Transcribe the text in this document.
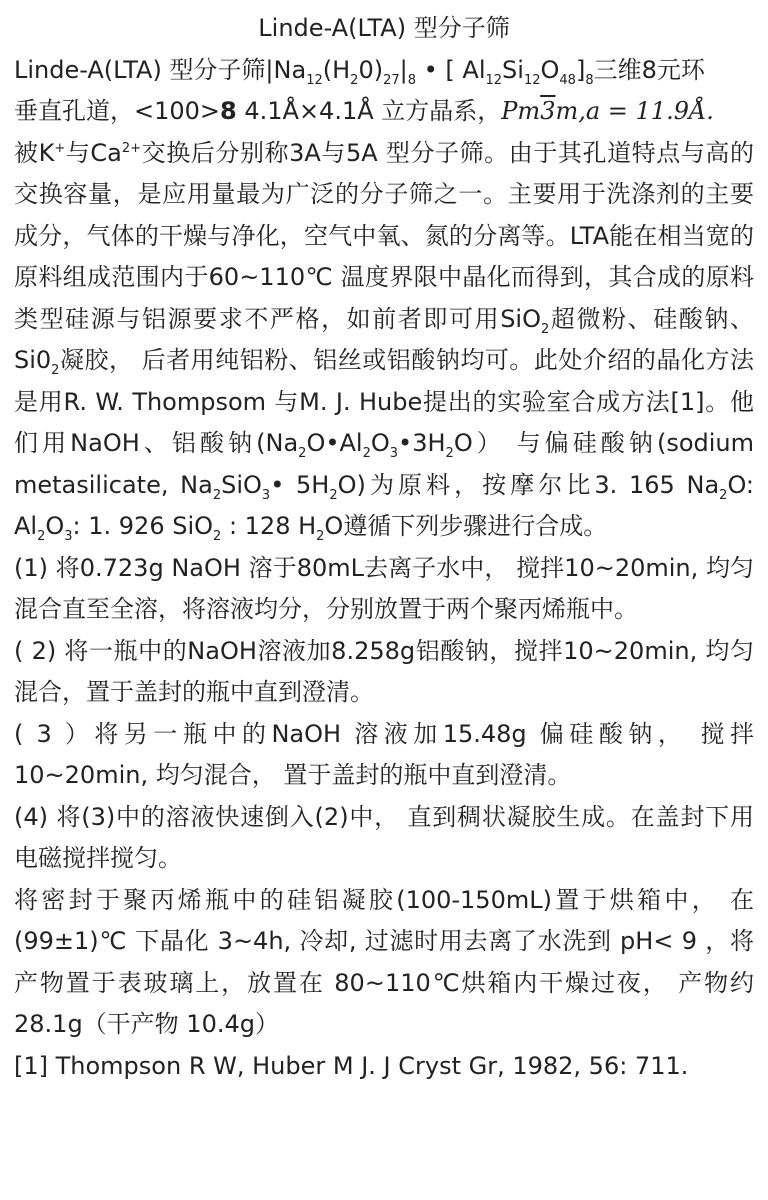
Linde-A(LTA) 型分子筛

Linde-A(LTA) 型分子筛$|Na_{12}(H_20)_{27}|_8$ • [ $Al_{12}Si_{12}O_{48}]_8$三维8元环
垂直孔道，<100>8 4.1Å×4.1Å 立方晶系，Pm3m,a = 11.9Å.

被K+与$Ca^{2+}$交换后分别称3A与5A 型分子筛。由于其孔道特点与高的交换容量，是应用量最为广泛的分子筛之一。主要用于洗涤剂的主要成分，气体的干燥与净化，空气中氧、氮的分离等。LTA能在相当宽的原料组成范围内于60~110℃ 温度界限中晶化而得到，其合成的原料类型硅源与铝源要求不严格，如前者即可用SiO$_2$超微粉、硅酸钠、$Si0_2$凝胶， 后者用纯铝粉、铝丝或铝酸钠均可。此处介绍的晶化方法是用R. W. Thompsom 与M. J. Hube提出的实验室合成方法[1]。他们用NaOH、铝酸钠$(Na_2O•Al_2O_3•3H_2O)$ 与偏硅酸钠(sodium metasilicate, $Na_2SiO_3•$ $5H_2O$)为原料，按摩尔比3. 165 $Na_2O$: $Al_2O_3$: 1. 926 SiO$_2$ : 128 $H_2O$遵循下列步骤进行合成。

(1) 将0.723g NaOH 溶于80mL去离子水中， 搅拌10~20min, 均匀混合直至全溶，将溶液均分，分别放置于两个聚丙烯瓶中。

( 2) 将一瓶中的NaOH溶液加8.258g铝酸钠，搅拌10~20min, 均匀混合，置于盖封的瓶中直到澄清。

( 3 ）将另一瓶中的NaOH 溶液加15.48g 偏硅酸钠， 搅拌10~20min, 均匀混合， 置于盖封的瓶中直到澄清。

(4) 将(3)中的溶液快速倒入(2)中， 直到稠状凝胶生成。在盖封下用电磁搅拌搅匀。

将密封于聚丙烯瓶中的硅铝凝胶(100-150mL)置于烘箱中， 在(99±1)℃ 下晶化 3~4h, 冷却, 过滤时用去离了水洗到 pH< 9 ，将产物置于表玻璃上，放置在 80~110℃烘箱内干燥过夜， 产物约 28.1g（干产物 10.4g）

[1] Thompson R W, Huber M J. J Cryst Gr, 1982, 56: 711.
